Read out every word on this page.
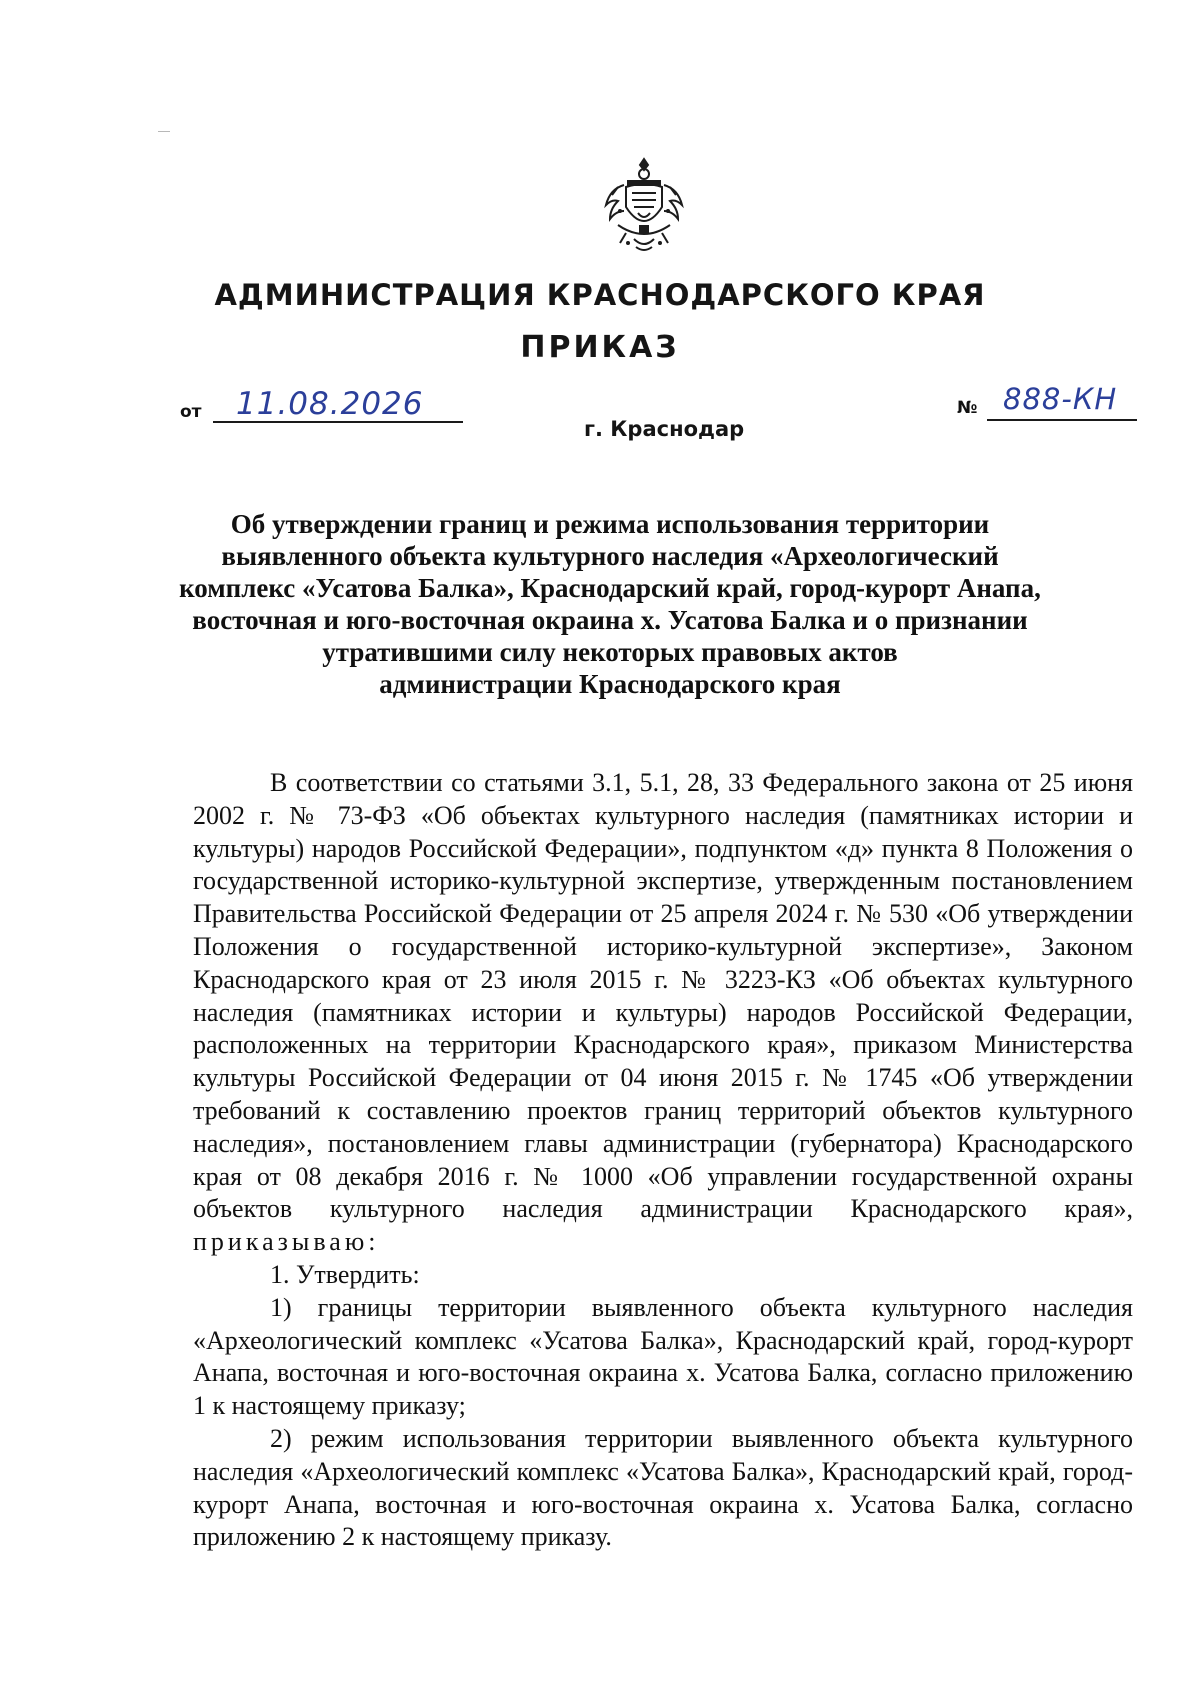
АДМИНИСТРАЦИЯ КРАСНОДАРСКОГО КРАЯ
ПРИКАЗ
от 11.08.2026	№ 888-КН
г. Краснодар
Об утверждении границ и режима использования территории
выявленного объекта культурного наследия «Археологический
комплекс «Усатова Балка», Краснодарский край, город-курорт Анапа,
восточная и юго-восточная окраина х. Усатова Балка и о признании
утратившими силу некоторых правовых актов
администрации Краснодарского края

В соответствии со статьями 3.1, 5.1, 28, 33 Федерального закона от 25 июня 2002 г. № 73-ФЗ «Об объектах культурного наследия (памятниках истории и культуры) народов Российской Федерации», подпунктом «д» пункта 8 Положения о государственной историко-культурной экспертизе, утвержденным постановлением Правительства Российской Федерации от 25 апреля 2024 г. № 530 «Об утверждении Положения о государственной историко-культурной экспертизе», Законом Краснодарского края от 23 июля 2015 г. № 3223-КЗ «Об объектах культурного наследия (памятниках истории и культуры) народов Российской Федерации, расположенных на территории Краснодарского края», приказом Министерства культуры Российской Федерации от 04 июня 2015 г. № 1745 «Об утверждении требований к составлению проектов границ территорий объектов культурного наследия», постановлением главы администрации (губернатора) Краснодарского края от 08 декабря 2016 г. № 1000 «Об управлении государственной охраны объектов культурного наследия администрации Краснодарского края», приказываю:

1. Утвердить:

1) границы территории выявленного объекта культурного наследия «Археологический комплекс «Усатова Балка», Краснодарский край, город-курорт Анапа, восточная и юго-восточная окраина х. Усатова Балка, согласно приложению 1 к настоящему приказу;

2) режим использования территории выявленного объекта культурного наследия «Археологический комплекс «Усатова Балка», Краснодарский край, город-курорт Анапа, восточная и юго-восточная окраина х. Усатова Балка, согласно приложению 2 к настоящему приказу.
